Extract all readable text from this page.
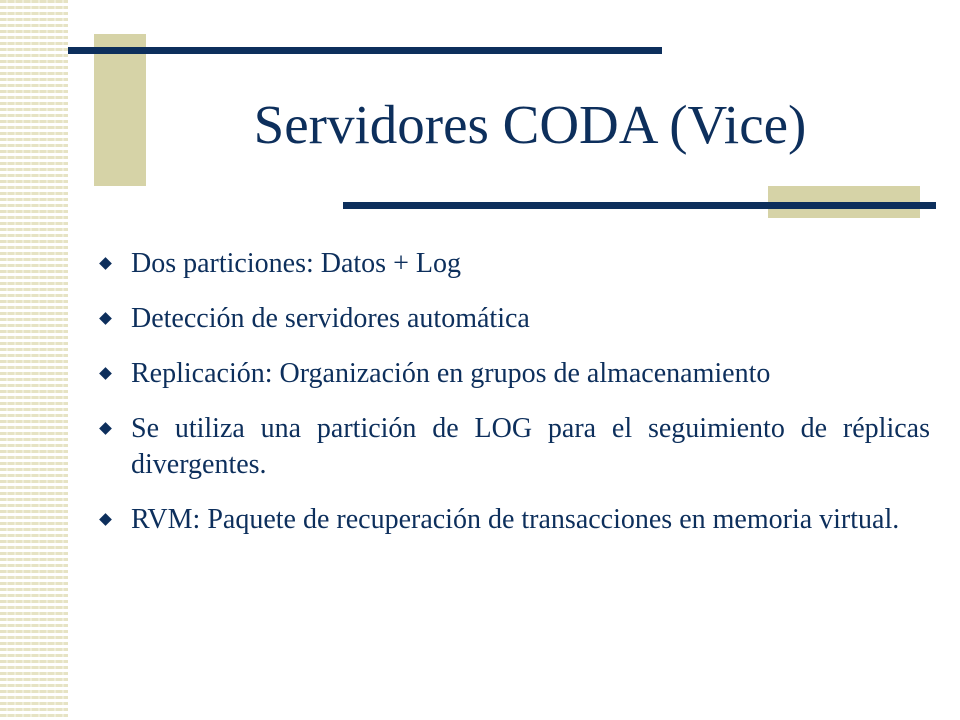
Servidores CODA (Vice)
Dos particiones: Datos + Log
Detección de servidores automática
Replicación: Organización en grupos de almacenamiento
Se utiliza una partición de LOG para el seguimiento de réplicas divergentes.
RVM: Paquete de recuperación de transacciones en memoria virtual.
